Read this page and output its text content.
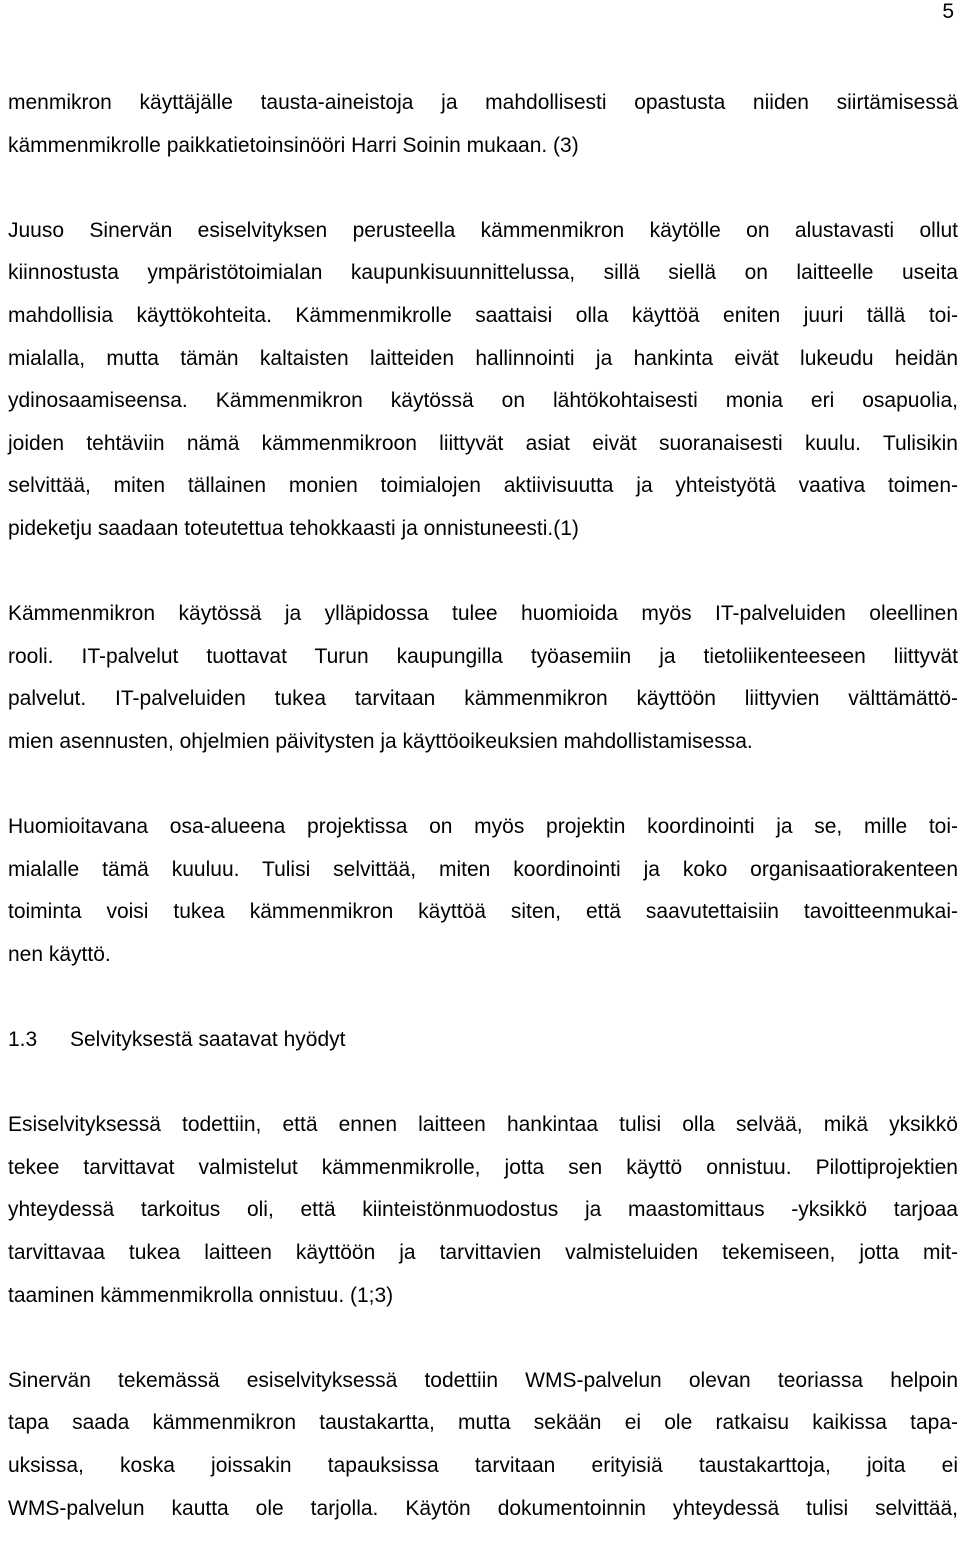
5
menmikron käyttäjälle tausta-aineistoja ja mahdollisesti opastusta niiden siirtämisessä
kämmenmikrolle paikkatietoinsinööri Harri Soinin mukaan. (3)
Juuso Sinervän esiselvityksen perusteella kämmenmikron käytölle on alustavasti ollut
kiinnostusta ympäristötoimialan kaupunkisuunnittelussa, sillä siellä on laitteelle useita
mahdollisia käyttökohteita. Kämmenmikrolle saattaisi olla käyttöä eniten juuri tällä toi-
mialalla, mutta tämän kaltaisten laitteiden hallinnointi ja hankinta eivät lukeudu heidän
ydinosaamiseensa. Kämmenmikron käytössä on lähtökohtaisesti monia eri osapuolia,
joiden tehtäviin nämä kämmenmikroon liittyvät asiat eivät suoranaisesti kuulu. Tulisikin
selvittää, miten tällainen monien toimialojen aktiivisuutta ja yhteistyötä vaativa toimen-
pideketju saadaan toteutettua tehokkaasti ja onnistuneesti.(1)
Kämmenmikron käytössä ja ylläpidossa tulee huomioida myös IT-palveluiden oleellinen
rooli. IT-palvelut tuottavat Turun kaupungilla työasemiin ja tietoliikenteeseen liittyvät
palvelut. IT-palveluiden tukea tarvitaan kämmenmikron käyttöön liittyvien välttämättö-
mien asennusten, ohjelmien päivitysten ja käyttöoikeuksien mahdollistamisessa.
Huomioitavana osa-alueena projektissa on myös projektin koordinointi ja se, mille toi-
mialalle tämä kuuluu. Tulisi selvittää, miten koordinointi ja koko organisaatiorakenteen
toiminta voisi tukea kämmenmikron käyttöä siten, että saavutettaisiin tavoitteenmukai-
nen käyttö.
1.3 Selvityksestä saatavat hyödyt
Esiselvityksessä todettiin, että ennen laitteen hankintaa tulisi olla selvää, mikä yksikkö
tekee tarvittavat valmistelut kämmenmikrolle, jotta sen käyttö onnistuu. Pilottiprojektien
yhteydessä tarkoitus oli, että kiinteistönmuodostus ja maastomittaus -yksikkö tarjoaa
tarvittavaa tukea laitteen käyttöön ja tarvittavien valmisteluiden tekemiseen, jotta mit-
taaminen kämmenmikrolla onnistuu. (1;3)
Sinervän tekemässä esiselvityksessä todettiin WMS-palvelun olevan teoriassa helpoin
tapa saada kämmenmikron taustakartta, mutta sekään ei ole ratkaisu kaikissa tapa-
uksissa, koska joissakin tapauksissa tarvitaan erityisiä taustakarttoja, joita ei
WMS-palvelun kautta ole tarjolla. Käytön dokumentoinnin yhteydessä tulisi selvittää,
